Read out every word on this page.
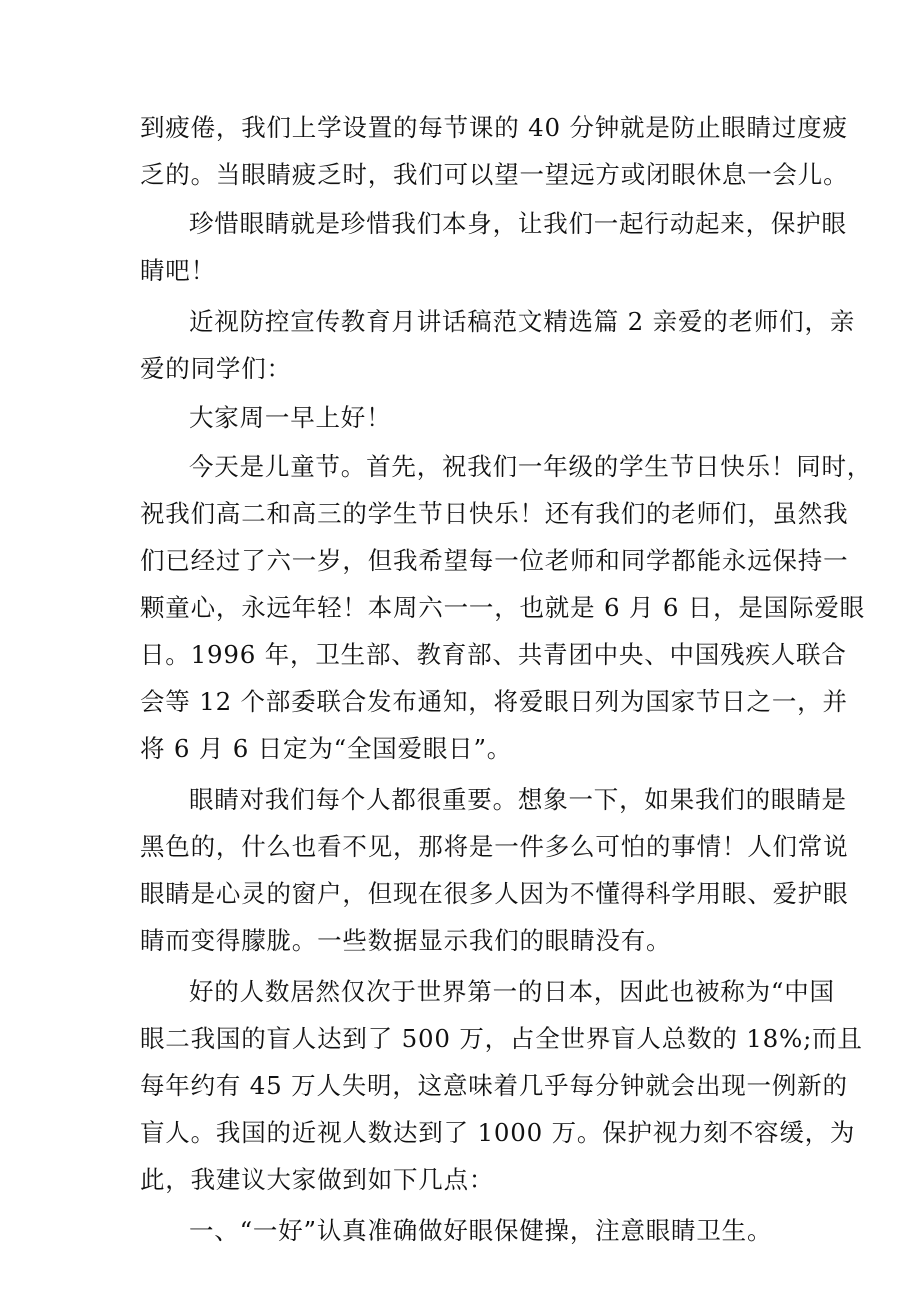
到疲倦，我们上学设置的每节课的 40 分钟就是防止眼睛过度疲
乏的。当眼睛疲乏时，我们可以望一望远方或闭眼休息一会儿。
珍惜眼睛就是珍惜我们本身，让我们一起行动起来，保护眼
睛吧！
近视防控宣传教育月讲话稿范文精选篇 2 亲爱的老师们，亲
爱的同学们：
大家周一早上好！
今天是儿童节。首先，祝我们一年级的学生节日快乐！同时，
祝我们高二和高三的学生节日快乐！还有我们的老师们，虽然我
们已经过了六一岁，但我希望每一位老师和同学都能永远保持一
颗童心，永远年轻！本周六一一，也就是 6 月 6 日，是国际爱眼
日。1996 年，卫生部、教育部、共青团中央、中国残疾人联合
会等 12 个部委联合发布通知，将爱眼日列为国家节日之一，并
将 6 月 6 日定为“全国爱眼日”。
眼睛对我们每个人都很重要。想象一下，如果我们的眼睛是
黑色的，什么也看不见，那将是一件多么可怕的事情！人们常说
眼睛是心灵的窗户，但现在很多人因为不懂得科学用眼、爱护眼
睛而变得朦胧。一些数据显示我们的眼睛没有。
好的人数居然仅次于世界第一的日本，因此也被称为“中国
眼二我国的盲人达到了 500 万，占全世界盲人总数的 18%;而且
每年约有 45 万人失明，这意味着几乎每分钟就会出现一例新的
盲人。我国的近视人数达到了 1000 万。保护视力刻不容缓，为
此，我建议大家做到如下几点：
一、“一好”认真准确做好眼保健操，注意眼睛卫生。
